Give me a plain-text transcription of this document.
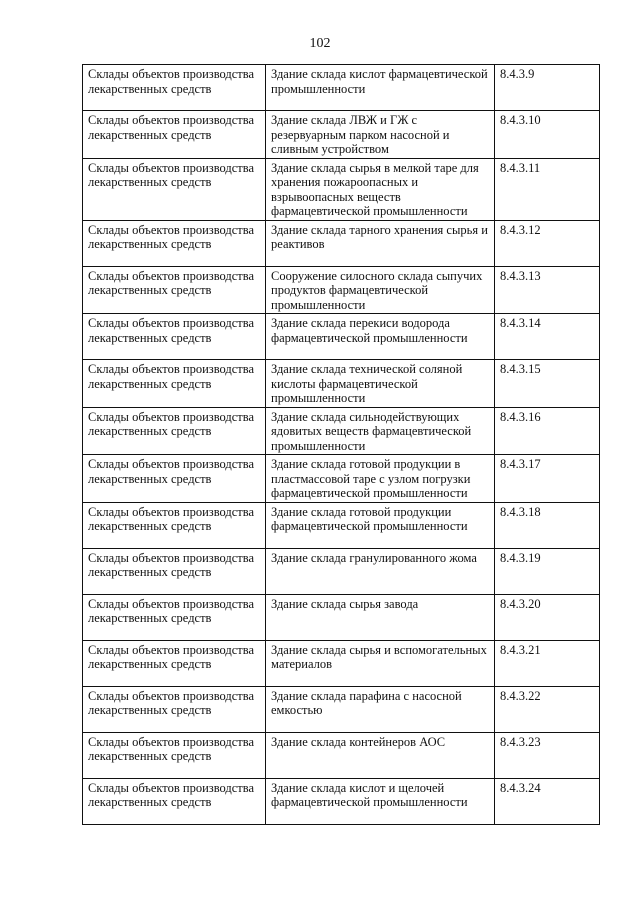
102
Склады объектов производства лекарственных средств	Здание склада кислот фармацевтической промышленности	8.4.3.9
Склады объектов производства лекарственных средств	Здание склада ЛВЖ и ГЖ с резервуарным парком насосной и сливным устройством	8.4.3.10
Склады объектов производства лекарственных средств	Здание склада сырья в мелкой таре для хранения пожароопасных и взрывоопасных веществ фармацевтической промышленности	8.4.3.11
Склады объектов производства лекарственных средств	Здание склада тарного хранения сырья и реактивов	8.4.3.12
Склады объектов производства лекарственных средств	Сооружение силосного склада сыпучих продуктов фармацевтической промышленности	8.4.3.13
Склады объектов производства лекарственных средств	Здание склада перекиси водорода фармацевтической промышленности	8.4.3.14
Склады объектов производства лекарственных средств	Здание склада технической соляной кислоты фармацевтической промышленности	8.4.3.15
Склады объектов производства лекарственных средств	Здание склада сильнодействующих ядовитых веществ фармацевтической промышленности	8.4.3.16
Склады объектов производства лекарственных средств	Здание склада готовой продукции в пластмассовой таре с узлом погрузки фармацевтической промышленности	8.4.3.17
Склады объектов производства лекарственных средств	Здание склада готовой продукции фармацевтической промышленности	8.4.3.18
Склады объектов производства лекарственных средств	Здание склада гранулированного жома	8.4.3.19
Склады объектов производства лекарственных средств	Здание склада сырья завода	8.4.3.20
Склады объектов производства лекарственных средств	Здание склада сырья и вспомогательных материалов	8.4.3.21
Склады объектов производства лекарственных средств	Здание склада парафина с насосной емкостью	8.4.3.22
Склады объектов производства лекарственных средств	Здание склада контейнеров АОС	8.4.3.23
Склады объектов производства лекарственных средств	Здание склада кислот и щелочей фармацевтической промышленности	8.4.3.24
